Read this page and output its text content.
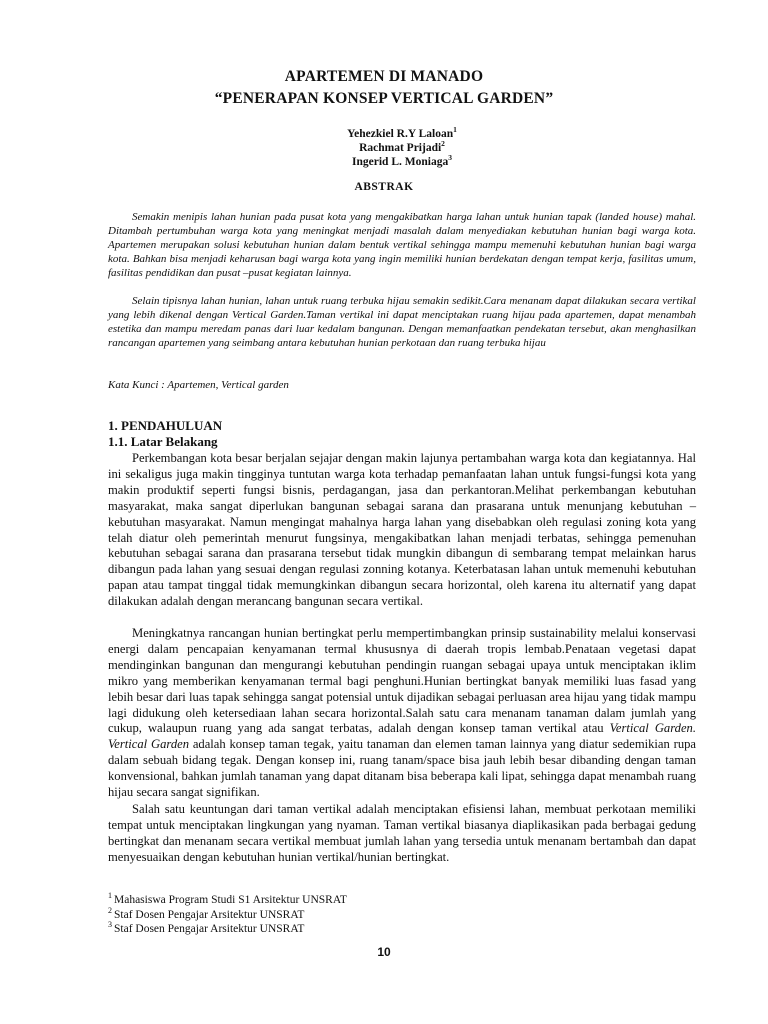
APARTEMEN DI MANADO
“PENERAPAN KONSEP VERTICAL GARDEN”
Yehezkiel R.Y Laloan$^1$
Rachmat Prijadi$^2$
Ingerid L. Moniaga$^3$
ABSTRAK

Semakin menipis lahan hunian pada pusat kota yang mengakibatkan harga lahan untuk hunian tapak (landed house) mahal. Ditambah pertumbuhan warga kota yang meningkat menjadi masalah dalam menyediakan kebutuhan hunian bagi warga kota. Apartemen merupakan solusi kebutuhan hunian dalam bentuk vertikal sehingga mampu memenuhi kebutuhan hunian bagi warga kota. Bahkan bisa menjadi keharusan bagi warga kota yang ingin memiliki hunian berdekatan dengan tempat kerja, fasilitas umum, fasilitas pendidikan dan pusat –pusat kegiatan lainnya.

Selain tipisnya lahan hunian, lahan untuk ruang terbuka hijau semakin sedikit.Cara menanam dapat dilakukan secara vertikal yang lebih dikenal dengan Vertical Garden.Taman vertikal ini dapat menciptakan ruang hijau pada apartemen, dapat menambah estetika dan mampu meredam panas dari luar kedalam bangunan. Dengan memanfaatkan pendekatan tersebut, akan menghasilkan rancangan apartemen yang seimbang antara kebutuhan hunian perkotaan dan ruang terbuka hijau

Kata Kunci : Apartemen, Vertical garden

1. PENDAHULUAN
1.1. Latar Belakang

Perkembangan kota besar berjalan sejajar dengan makin lajunya pertambahan warga kota dan kegiatannya. Hal ini sekaligus juga makin tingginya tuntutan warga kota terhadap pemanfaatan lahan untuk fungsi-fungsi kota yang makin produktif seperti fungsi bisnis, perdagangan, jasa dan perkantoran.Melihat perkembangan kebutuhan masyarakat, maka sangat diperlukan bangunan sebagai sarana dan prasarana untuk menunjang kebutuhan – kebutuhan masyarakat. Namun mengingat mahalnya harga lahan yang disebabkan oleh regulasi zoning kota yang telah diatur oleh pemerintah menurut fungsinya, mengakibatkan lahan menjadi terbatas, sehingga pemenuhan kebutuhan sebagai sarana dan prasarana tersebut tidak mungkin dibangun di sembarang tempat melainkan harus dibangun pada lahan yang sesuai dengan regulasi zonning kotanya. Keterbatasan lahan untuk memenuhi kebutuhan papan atau tampat tinggal tidak memungkinkan dibangun secara horizontal, oleh karena itu alternatif yang dapat dilakukan adalah dengan merancang bangunan secara vertikal.

Meningkatnya rancangan hunian bertingkat perlu mempertimbangkan prinsip sustainability melalui konservasi energi dalam pencapaian kenyamanan termal khususnya di daerah tropis lembab.Penataan vegetasi dapat mendinginkan bangunan dan mengurangi kebutuhan pendingin ruangan sebagai upaya untuk menciptakan iklim mikro yang memberikan kenyamanan termal bagi penghuni.Hunian bertingkat banyak memiliki luas fasad yang lebih besar dari luas tapak sehingga sangat potensial untuk dijadikan sebagai perluasan area hijau yang tidak mampu lagi didukung oleh ketersediaan lahan secara horizontal.Salah satu cara menanam tanaman dalam jumlah yang cukup, walaupun ruang yang ada sangat terbatas, adalah dengan konsep taman vertikal atau Vertical Garden. Vertical Garden adalah konsep taman tegak, yaitu tanaman dan elemen taman lainnya yang diatur sedemikian rupa dalam sebuah bidang tegak. Dengan konsep ini, ruang tanam/space bisa jauh lebih besar dibanding dengan taman konvensional, bahkan jumlah tanaman yang dapat ditanam bisa beberapa kali lipat, sehingga dapat menambah ruang hijau secara sangat signifikan.

Salah satu keuntungan dari taman vertikal adalah menciptakan efisiensi lahan, membuat perkotaan memiliki tempat untuk menciptakan lingkungan yang nyaman. Taman vertikal biasanya diaplikasikan pada berbagai gedung bertingkat dan menanam secara vertikal membuat jumlah lahan yang tersedia untuk menanam bertambah dan dapat menyesuaikan dengan kebutuhan hunian vertikal/hunian bertingkat.

$^1$ Mahasiswa Program Studi S1 Arsitektur UNSRAT
$^2$ Staf Dosen Pengajar Arsitektur UNSRAT
$^3$ Staf Dosen Pengajar Arsitektur UNSRAT
10
